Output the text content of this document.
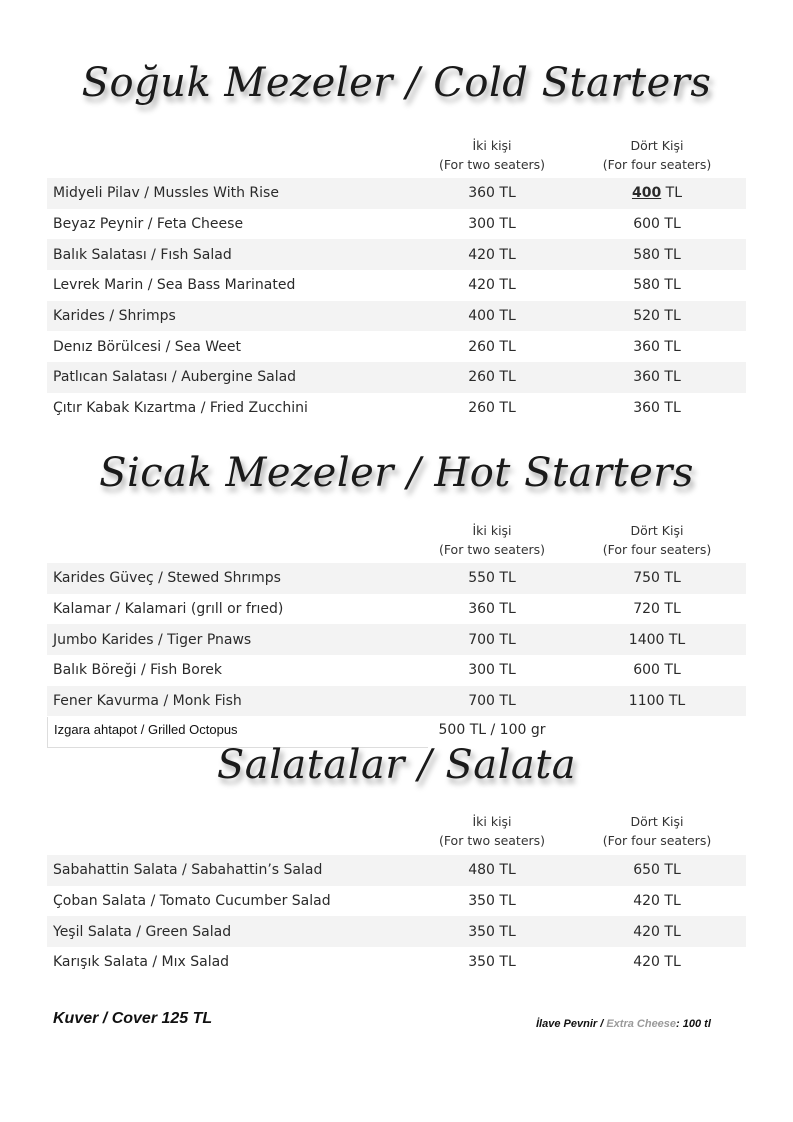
Soğuk Mezeler / Cold Starters
İki kişi
(For two seaters)
Dört Kişi
(For four seaters)
Midyeli Pilav / Mussles With Rise	360 TL	400 TL
Beyaz Peynir / Feta Cheese	300 TL	600 TL
Balık Salatası / Fısh Salad	420 TL	580 TL
Levrek Marin / Sea Bass Marinated	420 TL	580 TL
Karides / Shrimps	400 TL	520 TL
Denız Börülcesi / Sea Weet	260 TL	360 TL
Patlıcan Salatası / Aubergine Salad	260 TL	360 TL
Çıtır Kabak Kızartma / Fried Zucchini	260 TL	360 TL
Sicak Mezeler / Hot Starters
İki kişi
(For two seaters)
Dört Kişi
(For four seaters)
Karides Güveç / Stewed Shrımps	550 TL	750 TL
Kalamar / Kalamari (grıll or frıed)	360 TL	720 TL
Jumbo Karides / Tiger Pnaws	700 TL	1400 TL
Balık Böreği / Fish Borek	300 TL	600 TL
Fener Kavurma / Monk Fish	700 TL	1100 TL
Izgara ahtapot / Grilled Octopus	500 TL / 100 gr
Salatalar / Salata
İki kişi
(For two seaters)
Dört Kişi
(For four seaters)
Sabahattin Salata / Sabahattin’s Salad	480 TL	650 TL
Çoban Salata / Tomato Cucumber Salad	350 TL	420 TL
Yeşil Salata / Green Salad	350 TL	420 TL
Karışık Salata / Mıx Salad	350 TL	420 TL
Kuver / Cover 125 TL	İlave Pevnir / Extra Cheese: 100 tl
